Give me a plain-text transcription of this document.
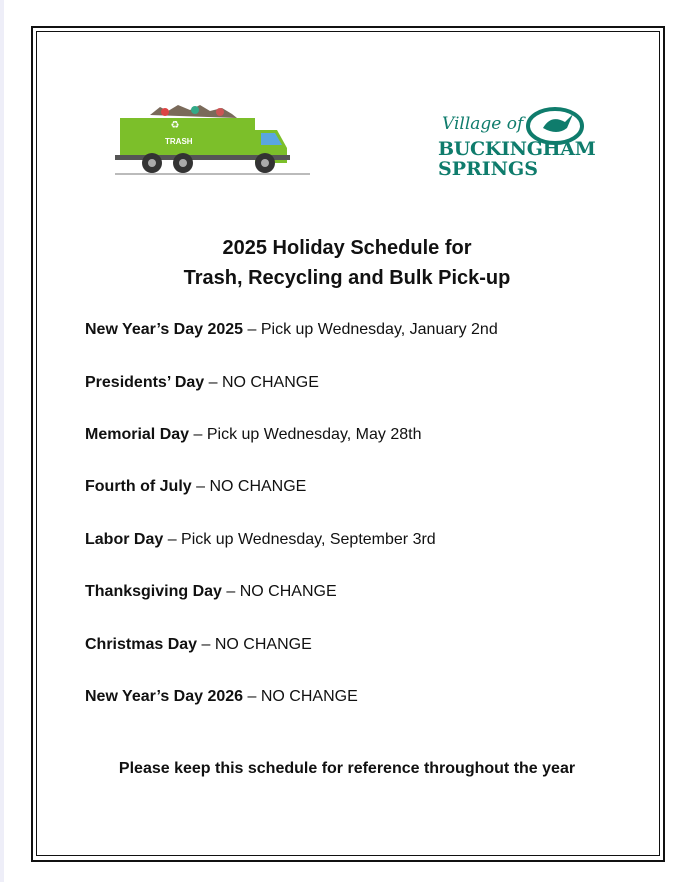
♻
TRASH
Village of
BUCKINGHAM
SPRINGS
2025 Holiday Schedule for
Trash, Recycling and Bulk Pick-up
New Year’s Day 2025 – Pick up Wednesday, January 2nd
Presidents’ Day – NO CHANGE
Memorial Day – Pick up Wednesday, May 28th
Fourth of July – NO CHANGE
Labor Day – Pick up Wednesday, September 3rd
Thanksgiving Day – NO CHANGE
Christmas Day – NO CHANGE
New Year’s Day 2026 – NO CHANGE
Please keep this schedule for reference throughout the year
